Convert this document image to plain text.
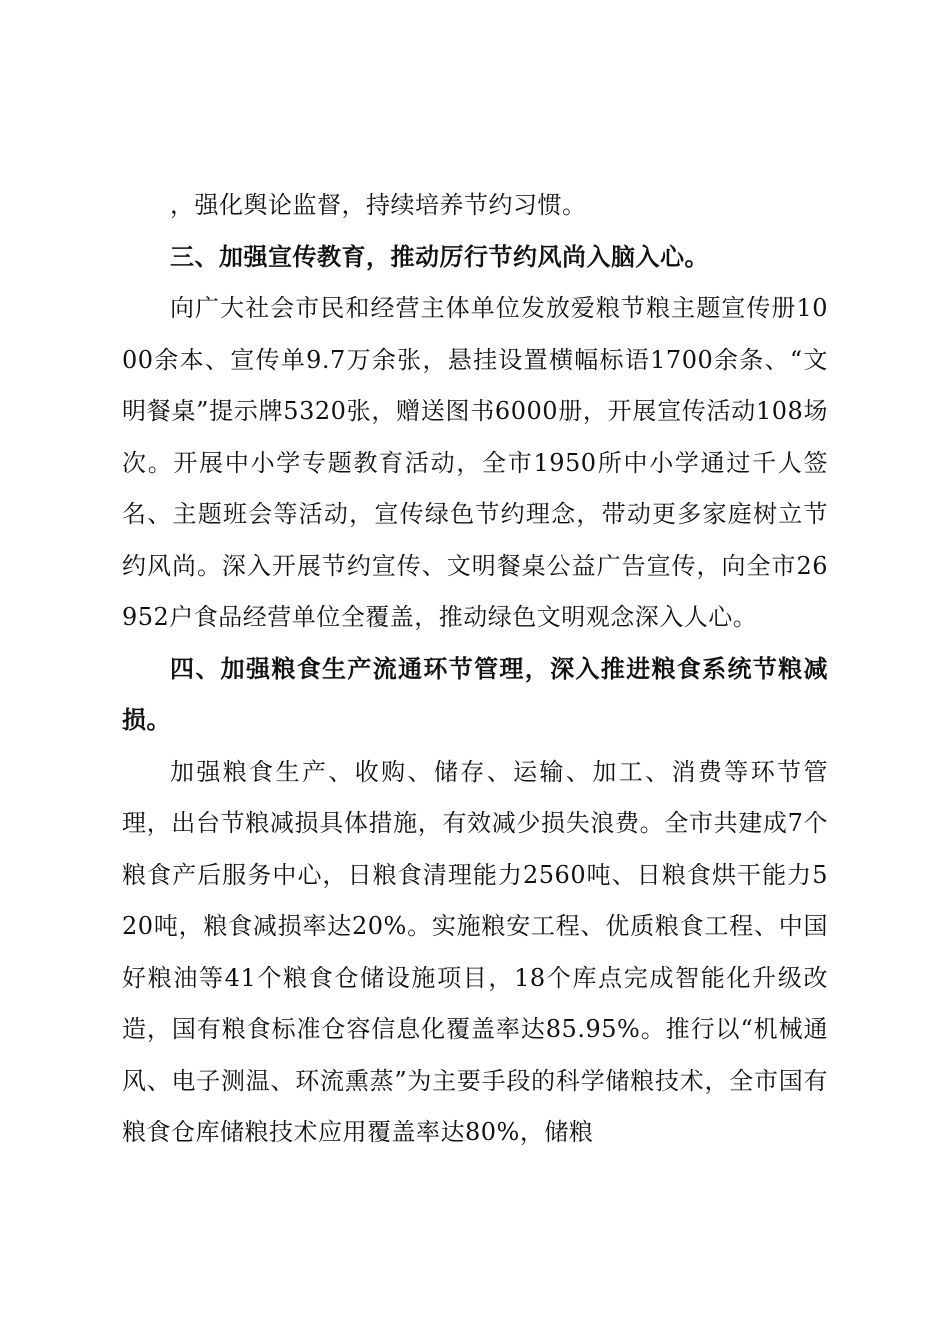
，强化舆论监督，持续培养节约习惯。

三、加强宣传教育，推动厉行节约风尚入脑入心。

向广大社会市民和经营主体单位发放爱粮节粮主题宣传册1000余本、宣传单9.7万余张，悬挂设置横幅标语1700余条、“文明餐桌”提示牌5320张，赠送图书6000册，开展宣传活动108场次。开展中小学专题教育活动，全市1950所中小学通过千人签名、主题班会等活动，宣传绿色节约理念，带动更多家庭树立节约风尚。深入开展节约宣传、文明餐桌公益广告宣传，向全市26952户食品经营单位全覆盖，推动绿色文明观念深入人心。

四、加强粮食生产流通环节管理，深入推进粮食系统节粮减损。

加强粮食生产、收购、储存、运输、加工、消费等环节管理，出台节粮减损具体措施，有效减少损失浪费。全市共建成7个粮食产后服务中心，日粮食清理能力2560吨、日粮食烘干能力520吨，粮食减损率达20%。实施粮安工程、优质粮食工程、中国好粮油等41个粮食仓储设施项目，18个库点完成智能化升级改造，国有粮食标准仓容信息化覆盖率达85.95%。推行以“机械通风、电子测温、环流熏蒸”为主要手段的科学储粮技术，全市国有粮食仓库储粮技术应用覆盖率达80%，储粮
